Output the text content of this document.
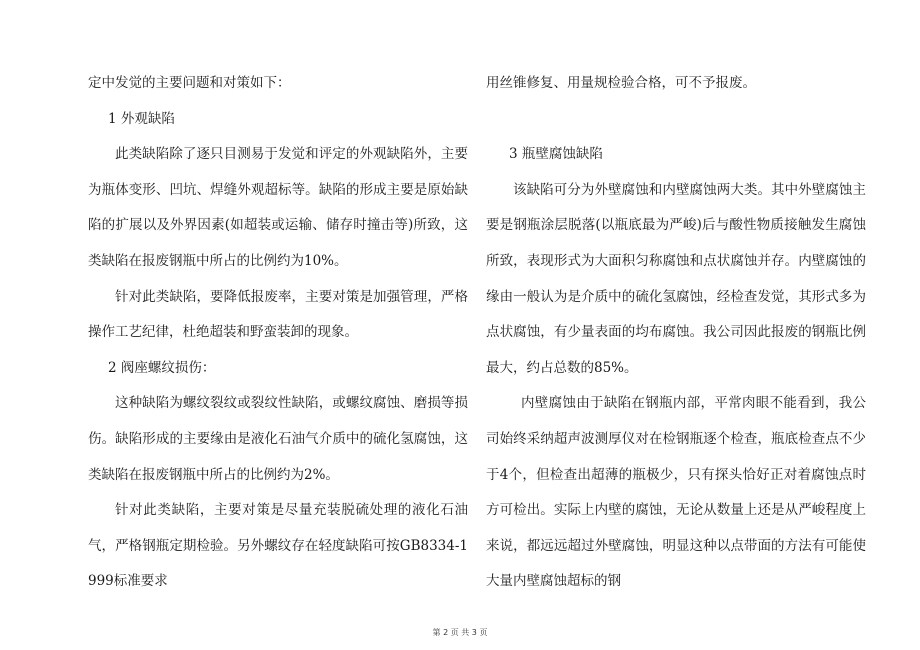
定中发觉的主要问题和对策如下：

1 外观缺陷

此类缺陷除了逐只目测易于发觉和评定的外观缺陷外，主要为瓶体变形、凹坑、焊缝外观超标等。缺陷的形成主要是原始缺陷的扩展以及外界因素(如超装或运输、储存时撞击等)所致，这类缺陷在报废钢瓶中所占的比例约为10%。

针对此类缺陷，要降低报废率，主要对策是加强管理，严格操作工艺纪律，杜绝超装和野蛮装卸的现象。

2 阀座螺纹损伤：

这种缺陷为螺纹裂纹或裂纹性缺陷，或螺纹腐蚀、磨损等损伤。缺陷形成的主要缘由是液化石油气介质中的硫化氢腐蚀，这类缺陷在报废钢瓶中所占的比例约为2%。

针对此类缺陷，主要对策是尽量充装脱硫处理的液化石油气，严格钢瓶定期检验。另外螺纹存在轻度缺陷可按GB8334-1999标准要求

用丝锥修复、用量规检验合格，可不予报废。

3 瓶壁腐蚀缺陷

该缺陷可分为外壁腐蚀和内壁腐蚀两大类。其中外壁腐蚀主要是钢瓶涂层脱落(以瓶底最为严峻)后与酸性物质接触发生腐蚀所致，表现形式为大面积匀称腐蚀和点状腐蚀并存。内壁腐蚀的缘由一般认为是介质中的硫化氢腐蚀，经检查发觉，其形式多为点状腐蚀，有少量表面的均布腐蚀。我公司因此报废的钢瓶比例最大，约占总数的85%。

内壁腐蚀由于缺陷在钢瓶内部，平常肉眼不能看到，我公司始终采纳超声波测厚仪对在检钢瓶逐个检查，瓶底检查点不少于4个，但检查出超薄的瓶极少，只有探头恰好正对着腐蚀点时方可检出。实际上内壁的腐蚀，无论从数量上还是从严峻程度上来说，都远远超过外壁腐蚀，明显这种以点带面的方法有可能使大量内壁腐蚀超标的钢

第 2 页 共 3 页
